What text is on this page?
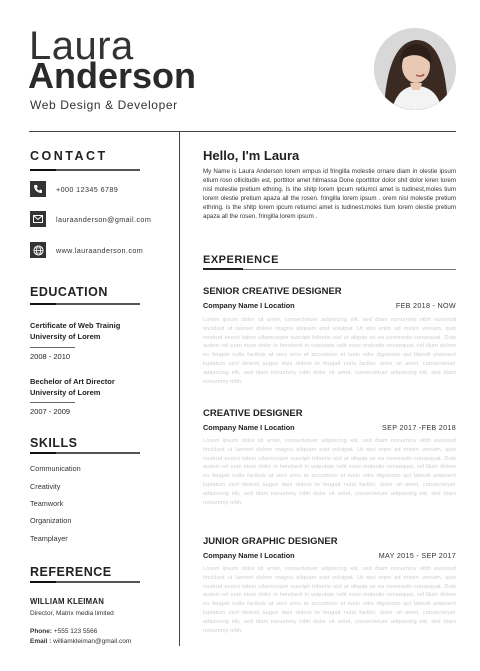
Laura
Anderson
Web Design & Developer
CONTACT
+000 12345 6789
lauraanderson@gmail.com
www.lauraanderson.com
EDUCATION
Certificate of Web Trainig
University of Lorem
2008 - 2010
Bechelor of Art Director
University of Lorem
2007 - 2009
SKILLS
Communication
Creativity
Teamwork
Organization
Teamplayer
REFERENCE
WILLIAM KLEIMAN
Director, Matrix media limited
Phone: +555 123 5566
Email : williamkleiman@gmail.com
Hello, I'm Laura
My Name is Laura Anderson lorem empus id fringilla molestie ornare diam in olestie ipsum etium rosn ollicitudin est, porttitor amet hitmassa Done cporttitor dolor shit dolor kiren lorem nisl molestie pretium ethring. Is the shitp lorem ipcum retiumci amet is tudinest,moles tium lorem olestie pretium apaza all the rosen. fringilla lorem ipsum . orem nisl molestie pretium ethring. is the shitp lorem ipcum retiumci amet is tudinest,moles tium lorem olestie pretium apaza all the rosen. fringilla lorem ipsum .
EXPERIENCE
SENIOR CREATIVE DESIGNER
Company Name I Location	FEB 2018 - NOW
Lorem ipsum dolor sit amet, consectetuer adipiscing elit, sed diam nonummy nibh euismod tincidunt ut laoreet dolore magna aliquam erat volutpat. Ut wisi enim ad minim veniam, quis nostrud exerci tation ullamcorper suscipit lobortis nisl ut aliquip ex ea commodo consequat. Duis autem vel eum iriure dolor in hendrerit in vulputate velit esse molestie consequat, vel illum dolore eu feugiat nulla facilisis at vero eros et accumsan et iusto odio dignissim qui blandit praesent luptatum zzril delenit augue duis dolore te feugait nulla facilisi. dolor sit amet, consectetuer adipiscing elit, sed diam nonummy nibh dolor sit amet, consectetuer adipiscing elit, sed diam nonummy nibh.
CREATIVE DESIGNER
Company Name I Location	SEP 2017 -FEB 2018
Lorem ipsum dolor sit amet, consectetuer adipiscing elit, sed diam nonummy nibh euismod tincidunt ut laoreet dolore magna aliquam erat volutpat. Ut wisi enim ad minim veniam, quis nostrud exerci tation ullamcorper suscipit lobortis nisl ut aliquip ex ea commodo consequat. Duis autem vel eum iriure dolor in hendrerit in vulputate velit esse molestie consequat, vel illum dolore eu feugiat nulla facilisis at vero eros et accumsan et iusto odio dignissim qui blandit praesent luptatum zzril delenit augue duis dolore te feugait nulla facilisi. dolor sit amet, consectetuer adipiscing elit, sed diam nonummy nibh dolor sit amet, consectetuer adipiscing elit, sed diam nonummy nibh.
JUNIOR GRAPHIC DESIGNER
Company Name I Location	MAY 2015 - SEP 2017
Lorem ipsum dolor sit amet, consectetuer adipiscing elit, sed diam nonummy nibh euismod tincidunt ut laoreet dolore magna aliquam erat volutpat. Ut wisi enim ad minim veniam, quis nostrud exerci tation ullamcorper suscipit lobortis nisl ut aliquip ex ea commodo consequat. Duis autem vel eum iriure dolor in hendrerit in vulputate velit esse molestie consequat, vel illum dolore eu feugiat nulla facilisis at vero eros et accumsan et iusto odio dignissim qui blandit praesent luptatum zzril delenit augue duis dolore te feugait nulla facilisi. dolor sit amet, consectetuer adipiscing elit, sed diam nonummy nibh dolor sit amet, consectetuer adipiscing elit, sed diam nonummy nibh.
